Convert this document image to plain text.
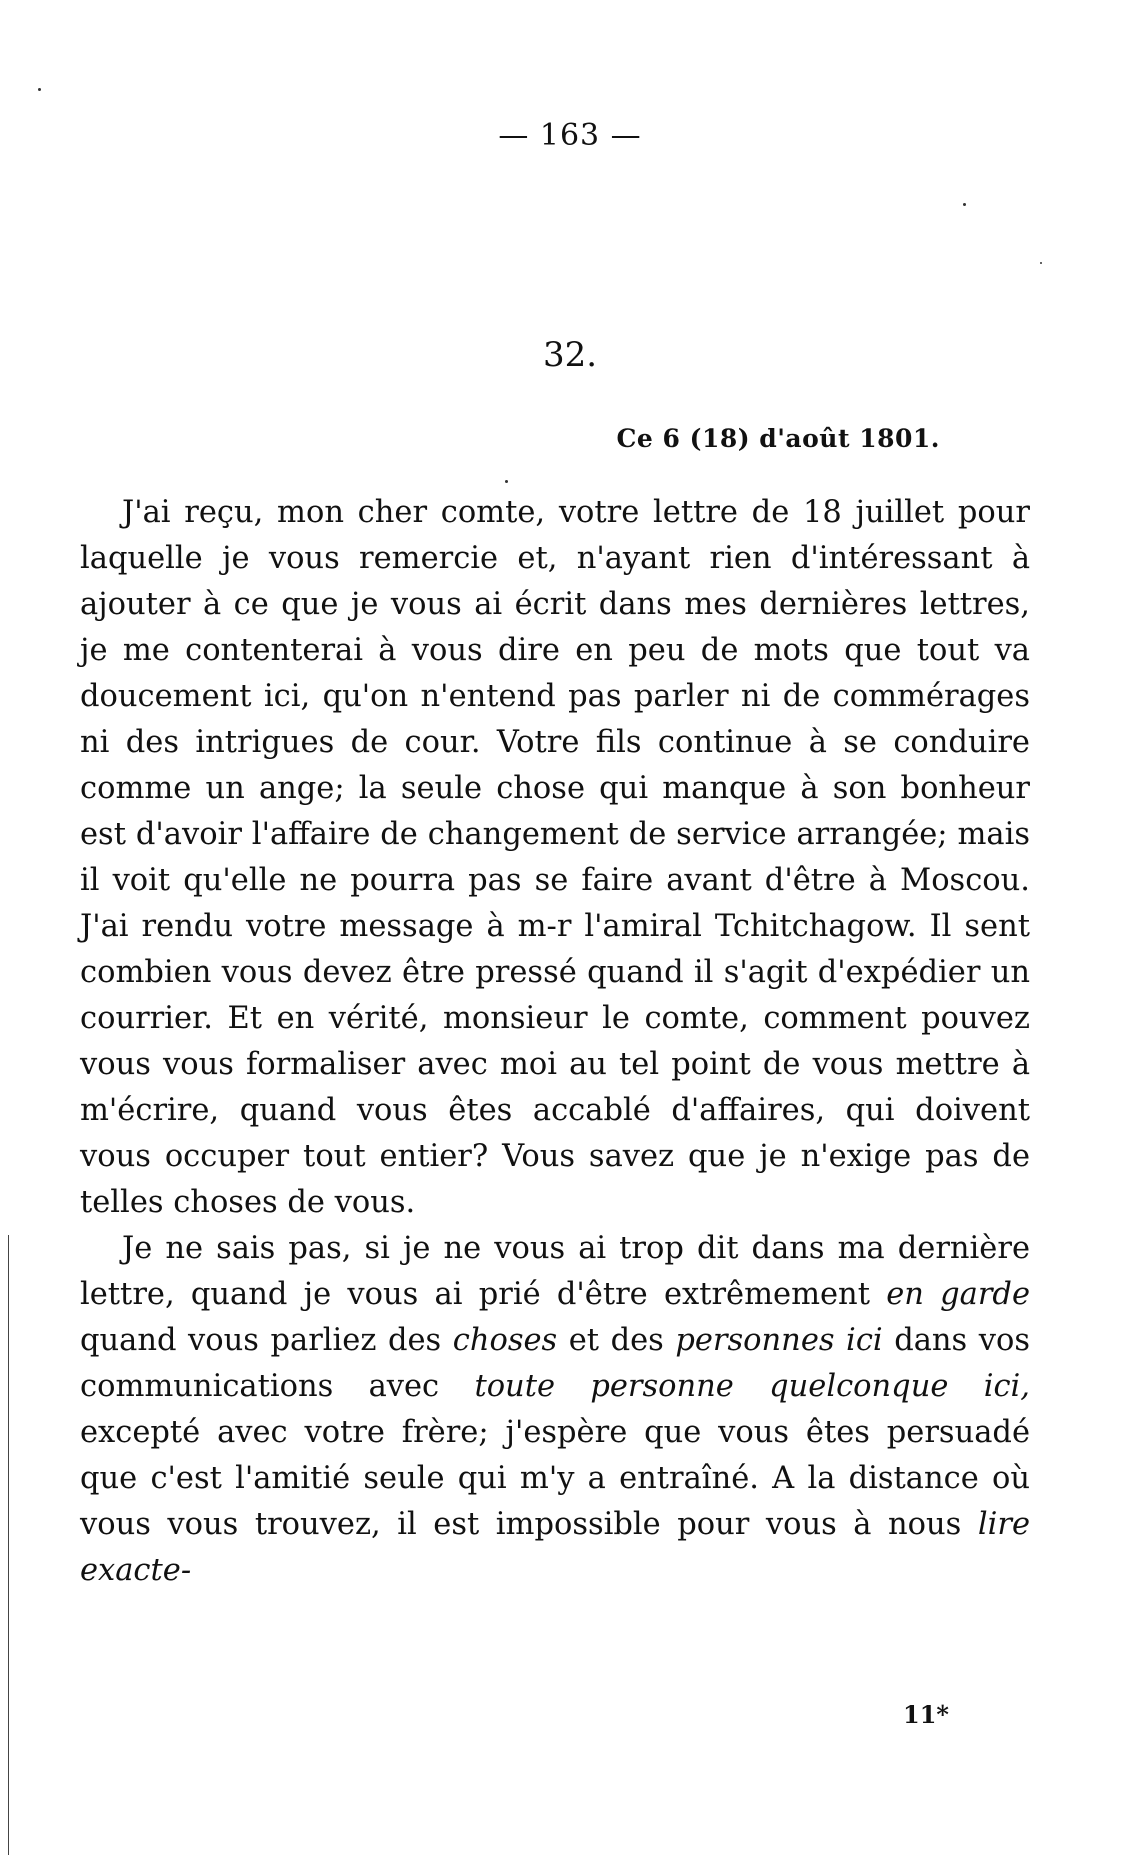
— 163 —
32.
Ce 6 (18) d'août 1801.

J'ai reçu, mon cher comte, votre lettre de 18 juillet pour laquelle je vous remercie et, n'ayant rien d'intéressant à ajouter à ce que je vous ai écrit dans mes dernières lettres, je me contenterai à vous dire en peu de mots que tout va doucement ici, qu'on n'entend pas parler ni de commérages ni des intrigues de cour. Votre fils continue à se conduire comme un ange; la seule chose qui manque à son bonheur est d'avoir l'affaire de changement de service arrangée; mais il voit qu'elle ne pourra pas se faire avant d'être à Moscou. J'ai rendu votre message à m-r l'amiral Tchitchagow. Il sent combien vous devez être pressé quand il s'agit d'expédier un courrier. Et en vérité, monsieur le comte, comment pouvez vous vous formaliser avec moi au tel point de vous mettre à m'écrire, quand vous êtes accablé d'affaires, qui doivent vous occuper tout entier? Vous savez que je n'exige pas de telles choses de vous.

Je ne sais pas, si je ne vous ai trop dit dans ma dernière lettre, quand je vous ai prié d'être extrêmement en garde quand vous parliez des choses et des personnes ici dans vos communications avec toute personne quelconque ici, excepté avec votre frère; j'espère que vous êtes persuadé que c'est l'amitié seule qui m'y a entraîné. A la distance où vous vous trouvez, il est impossible pour vous à nous lire exacte-

11*
